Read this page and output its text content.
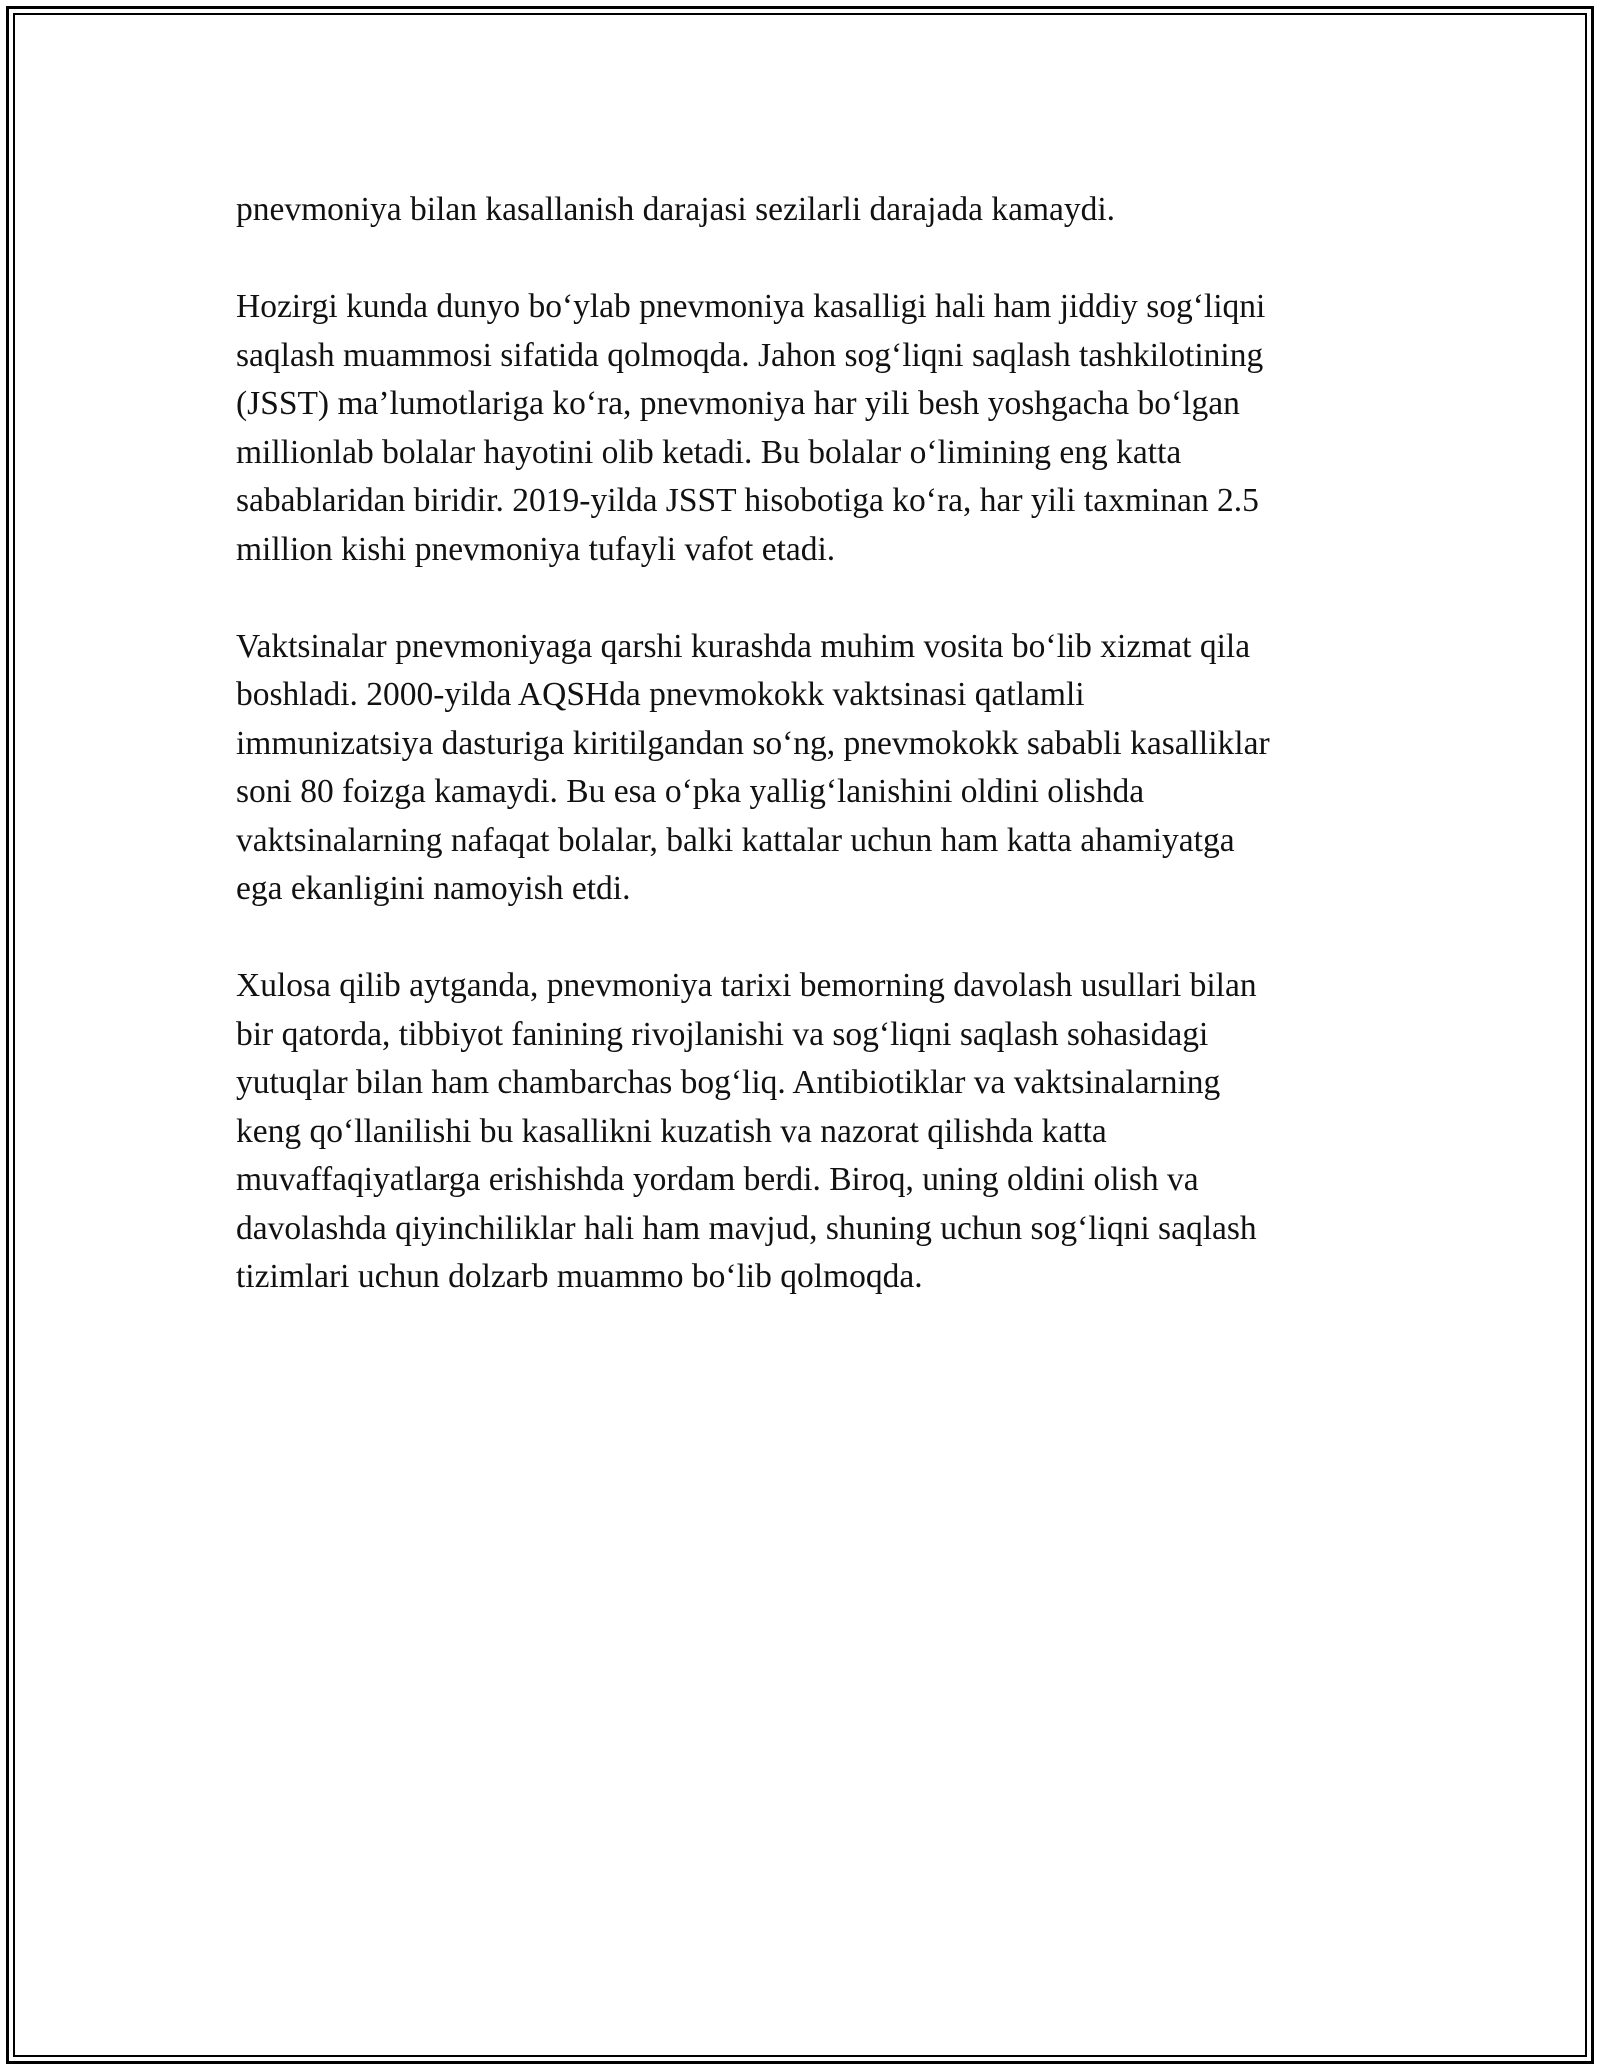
pnevmoniya bilan kasallanish darajasi sezilarli darajada kamaydi.

Hozirgi kunda dunyo bo‘ylab pnevmoniya kasalligi hali ham jiddiy sog‘liqni
saqlash muammosi sifatida qolmoqda. Jahon sog‘liqni saqlash tashkilotining
(JSST) ma’lumotlariga ko‘ra, pnevmoniya har yili besh yoshgacha bo‘lgan
millionlab bolalar hayotini olib ketadi. Bu bolalar o‘limining eng katta
sabablaridan biridir. 2019-yilda JSST hisobotiga ko‘ra, har yili taxminan 2.5
million kishi pnevmoniya tufayli vafot etadi.

Vaktsinalar pnevmoniyaga qarshi kurashda muhim vosita bo‘lib xizmat qila
boshladi. 2000-yilda AQSHda pnevmokokk vaktsinasi qatlamli
immunizatsiya dasturiga kiritilgandan so‘ng, pnevmokokk sababli kasalliklar
soni 80 foizga kamaydi. Bu esa o‘pka yallig‘lanishini oldini olishda
vaktsinalarning nafaqat bolalar, balki kattalar uchun ham katta ahamiyatga
ega ekanligini namoyish etdi.

Xulosa qilib aytganda, pnevmoniya tarixi bemorning davolash usullari bilan
bir qatorda, tibbiyot fanining rivojlanishi va sog‘liqni saqlash sohasidagi
yutuqlar bilan ham chambarchas bog‘liq. Antibiotiklar va vaktsinalarning
keng qo‘llanilishi bu kasallikni kuzatish va nazorat qilishda katta
muvaffaqiyatlarga erishishda yordam berdi. Biroq, uning oldini olish va
davolashda qiyinchiliklar hali ham mavjud, shuning uchun sog‘liqni saqlash
tizimlari uchun dolzarb muammo bo‘lib qolmoqda.
